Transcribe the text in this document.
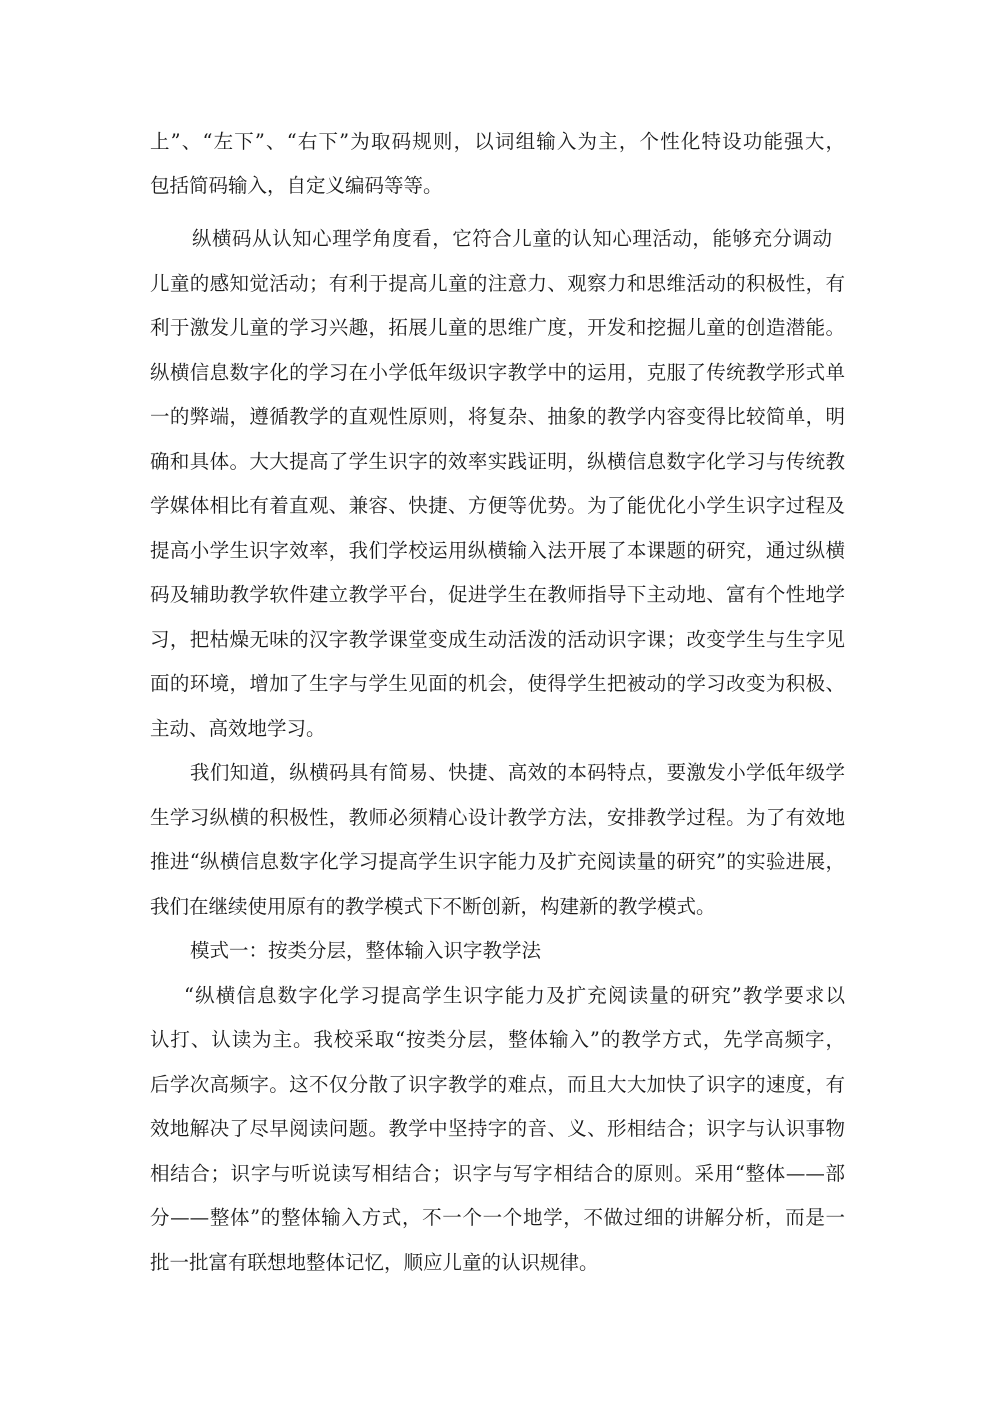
上”、“左下”、“右下”为取码规则，以词组输入为主，个性化特设功能强大，
包括简码输入，自定义编码等等。
纵横码从认知心理学角度看，它符合儿童的认知心理活动，能够充分调动
儿童的感知觉活动；有利于提高儿童的注意力、观察力和思维活动的积极性，有
利于激发儿童的学习兴趣，拓展儿童的思维广度，开发和挖掘儿童的创造潜能。
纵横信息数字化的学习在小学低年级识字教学中的运用，克服了传统教学形式单
一的弊端，遵循教学的直观性原则，将复杂、抽象的教学内容变得比较简单，明
确和具体。大大提高了学生识字的效率实践证明，纵横信息数字化学习与传统教
学媒体相比有着直观、兼容、快捷、方便等优势。为了能优化小学生识字过程及
提高小学生识字效率，我们学校运用纵横输入法开展了本课题的研究，通过纵横
码及辅助教学软件建立教学平台，促进学生在教师指导下主动地、富有个性地学
习，把枯燥无味的汉字教学课堂变成生动活泼的活动识字课；改变学生与生字见
面的环境，增加了生字与学生见面的机会，使得学生把被动的学习改变为积极、
主动、高效地学习。
我们知道，纵横码具有简易、快捷、高效的本码特点，要激发小学低年级学
生学习纵横的积极性，教师必须精心设计教学方法，安排教学过程。为了有效地
推进“纵横信息数字化学习提高学生识字能力及扩充阅读量的研究”的实验进展，
我们在继续使用原有的教学模式下不断创新，构建新的教学模式。
模式一：按类分层，整体输入识字教学法
“纵横信息数字化学习提高学生识字能力及扩充阅读量的研究”教学要求以
认打、认读为主。我校采取“按类分层，整体输入”的教学方式，先学高频字，
后学次高频字。这不仅分散了识字教学的难点，而且大大加快了识字的速度，有
效地解决了尽早阅读问题。教学中坚持字的音、义、形相结合；识字与认识事物
相结合；识字与听说读写相结合；识字与写字相结合的原则。采用“整体——部
分——整体”的整体输入方式，不一个一个地学，不做过细的讲解分析，而是一
批一批富有联想地整体记忆，顺应儿童的认识规律。
